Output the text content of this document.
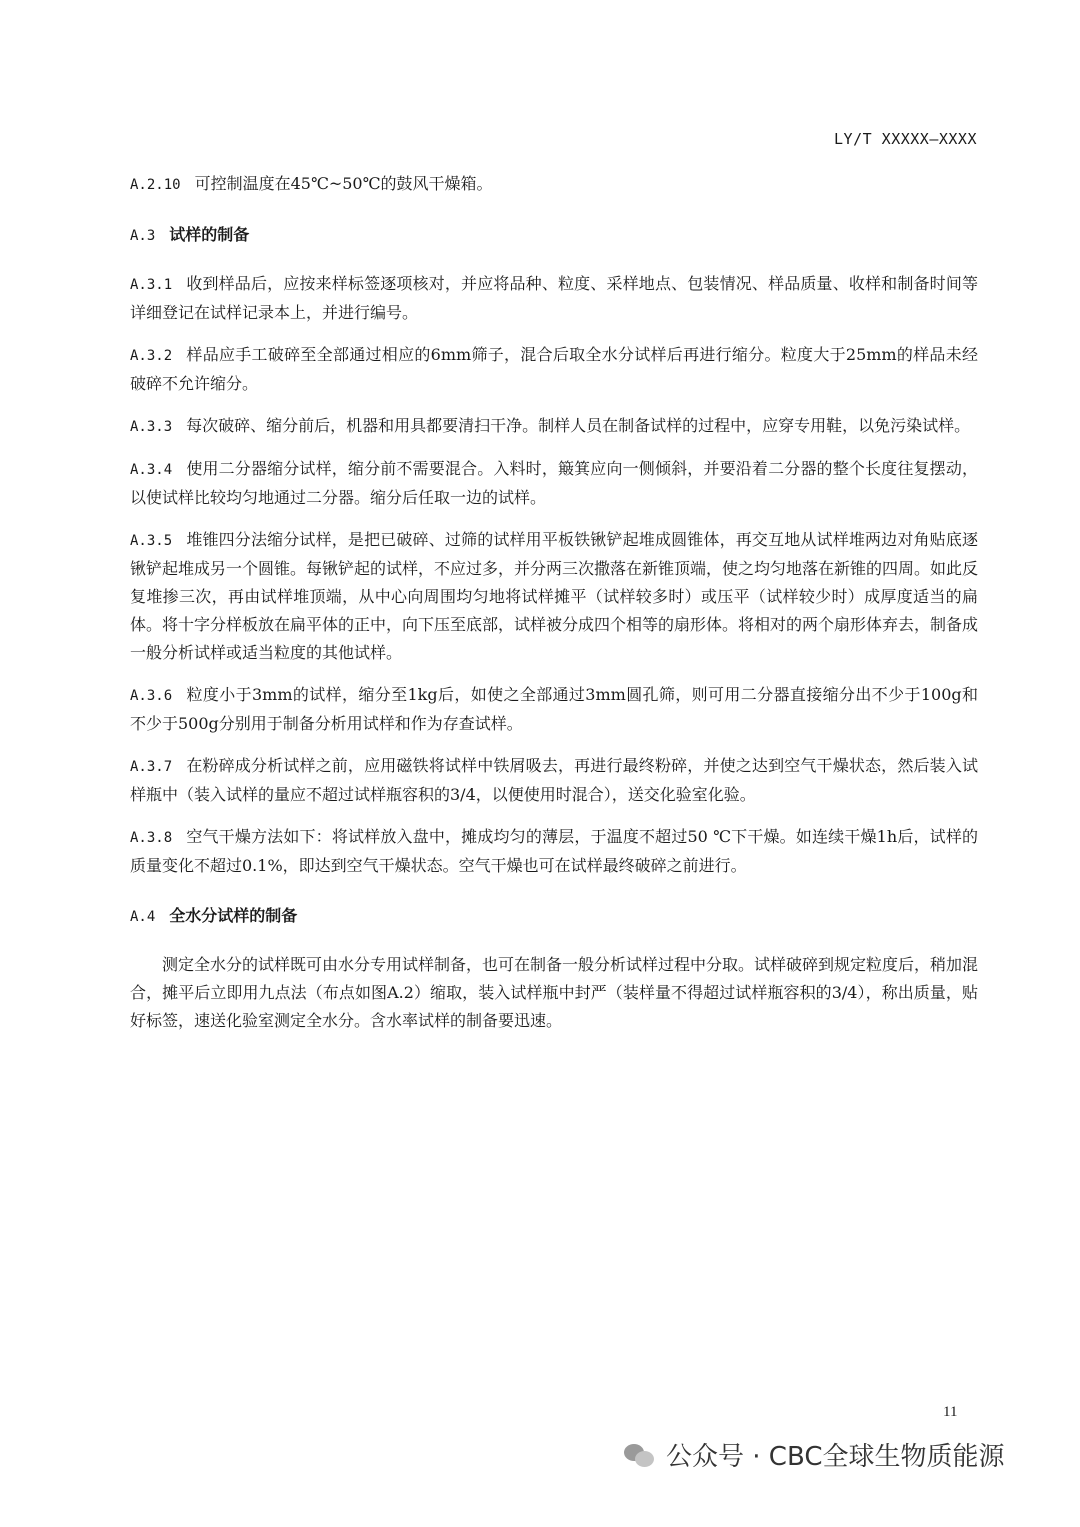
LY/T XXXXX—XXXX

A.2.10 可控制温度在45℃~50℃的鼓风干燥箱。

A.3 试样的制备

A.3.1 收到样品后，应按来样标签逐项核对，并应将品种、粒度、采样地点、包装情况、样品质量、收样和制备时间等详细登记在试样记录本上，并进行编号。

A.3.2 样品应手工破碎至全部通过相应的6mm筛子，混合后取全水分试样后再进行缩分。粒度大于25mm的样品未经破碎不允许缩分。

A.3.3 每次破碎、缩分前后，机器和用具都要清扫干净。制样人员在制备试样的过程中，应穿专用鞋，以免污染试样。

A.3.4 使用二分器缩分试样，缩分前不需要混合。入料时，簸箕应向一侧倾斜，并要沿着二分器的整个长度往复摆动，以使试样比较均匀地通过二分器。缩分后任取一边的试样。

A.3.5 堆锥四分法缩分试样，是把已破碎、过筛的试样用平板铁锹铲起堆成圆锥体，再交互地从试样堆两边对角贴底逐锹铲起堆成另一个圆锥。每锹铲起的试样，不应过多，并分两三次撒落在新锥顶端，使之均匀地落在新锥的四周。如此反复堆掺三次，再由试样堆顶端，从中心向周围均匀地将试样摊平（试样较多时）或压平（试样较少时）成厚度适当的扁体。将十字分样板放在扁平体的正中，向下压至底部，试样被分成四个相等的扇形体。将相对的两个扇形体弃去，制备成一般分析试样或适当粒度的其他试样。

A.3.6 粒度小于3mm的试样，缩分至1kg后，如使之全部通过3mm圆孔筛，则可用二分器直接缩分出不少于100g和不少于500g分别用于制备分析用试样和作为存查试样。

A.3.7 在粉碎成分析试样之前，应用磁铁将试样中铁屑吸去，再进行最终粉碎，并使之达到空气干燥状态，然后装入试样瓶中（装入试样的量应不超过试样瓶容积的3/4，以便使用时混合），送交化验室化验。

A.3.8 空气干燥方法如下：将试样放入盘中，摊成均匀的薄层，于温度不超过50 ℃下干燥。如连续干燥1h后，试样的质量变化不超过0.1%，即达到空气干燥状态。空气干燥也可在试样最终破碎之前进行。

A.4 全水分试样的制备

测定全水分的试样既可由水分专用试样制备，也可在制备一般分析试样过程中分取。试样破碎到规定粒度后，稍加混合，摊平后立即用九点法（布点如图A.2）缩取，装入试样瓶中封严（装样量不得超过试样瓶容积的3/4），称出质量，贴好标签，速送化验室测定全水分。含水率试样的制备要迅速。

11
公众号 · CBC全球生物质能源
